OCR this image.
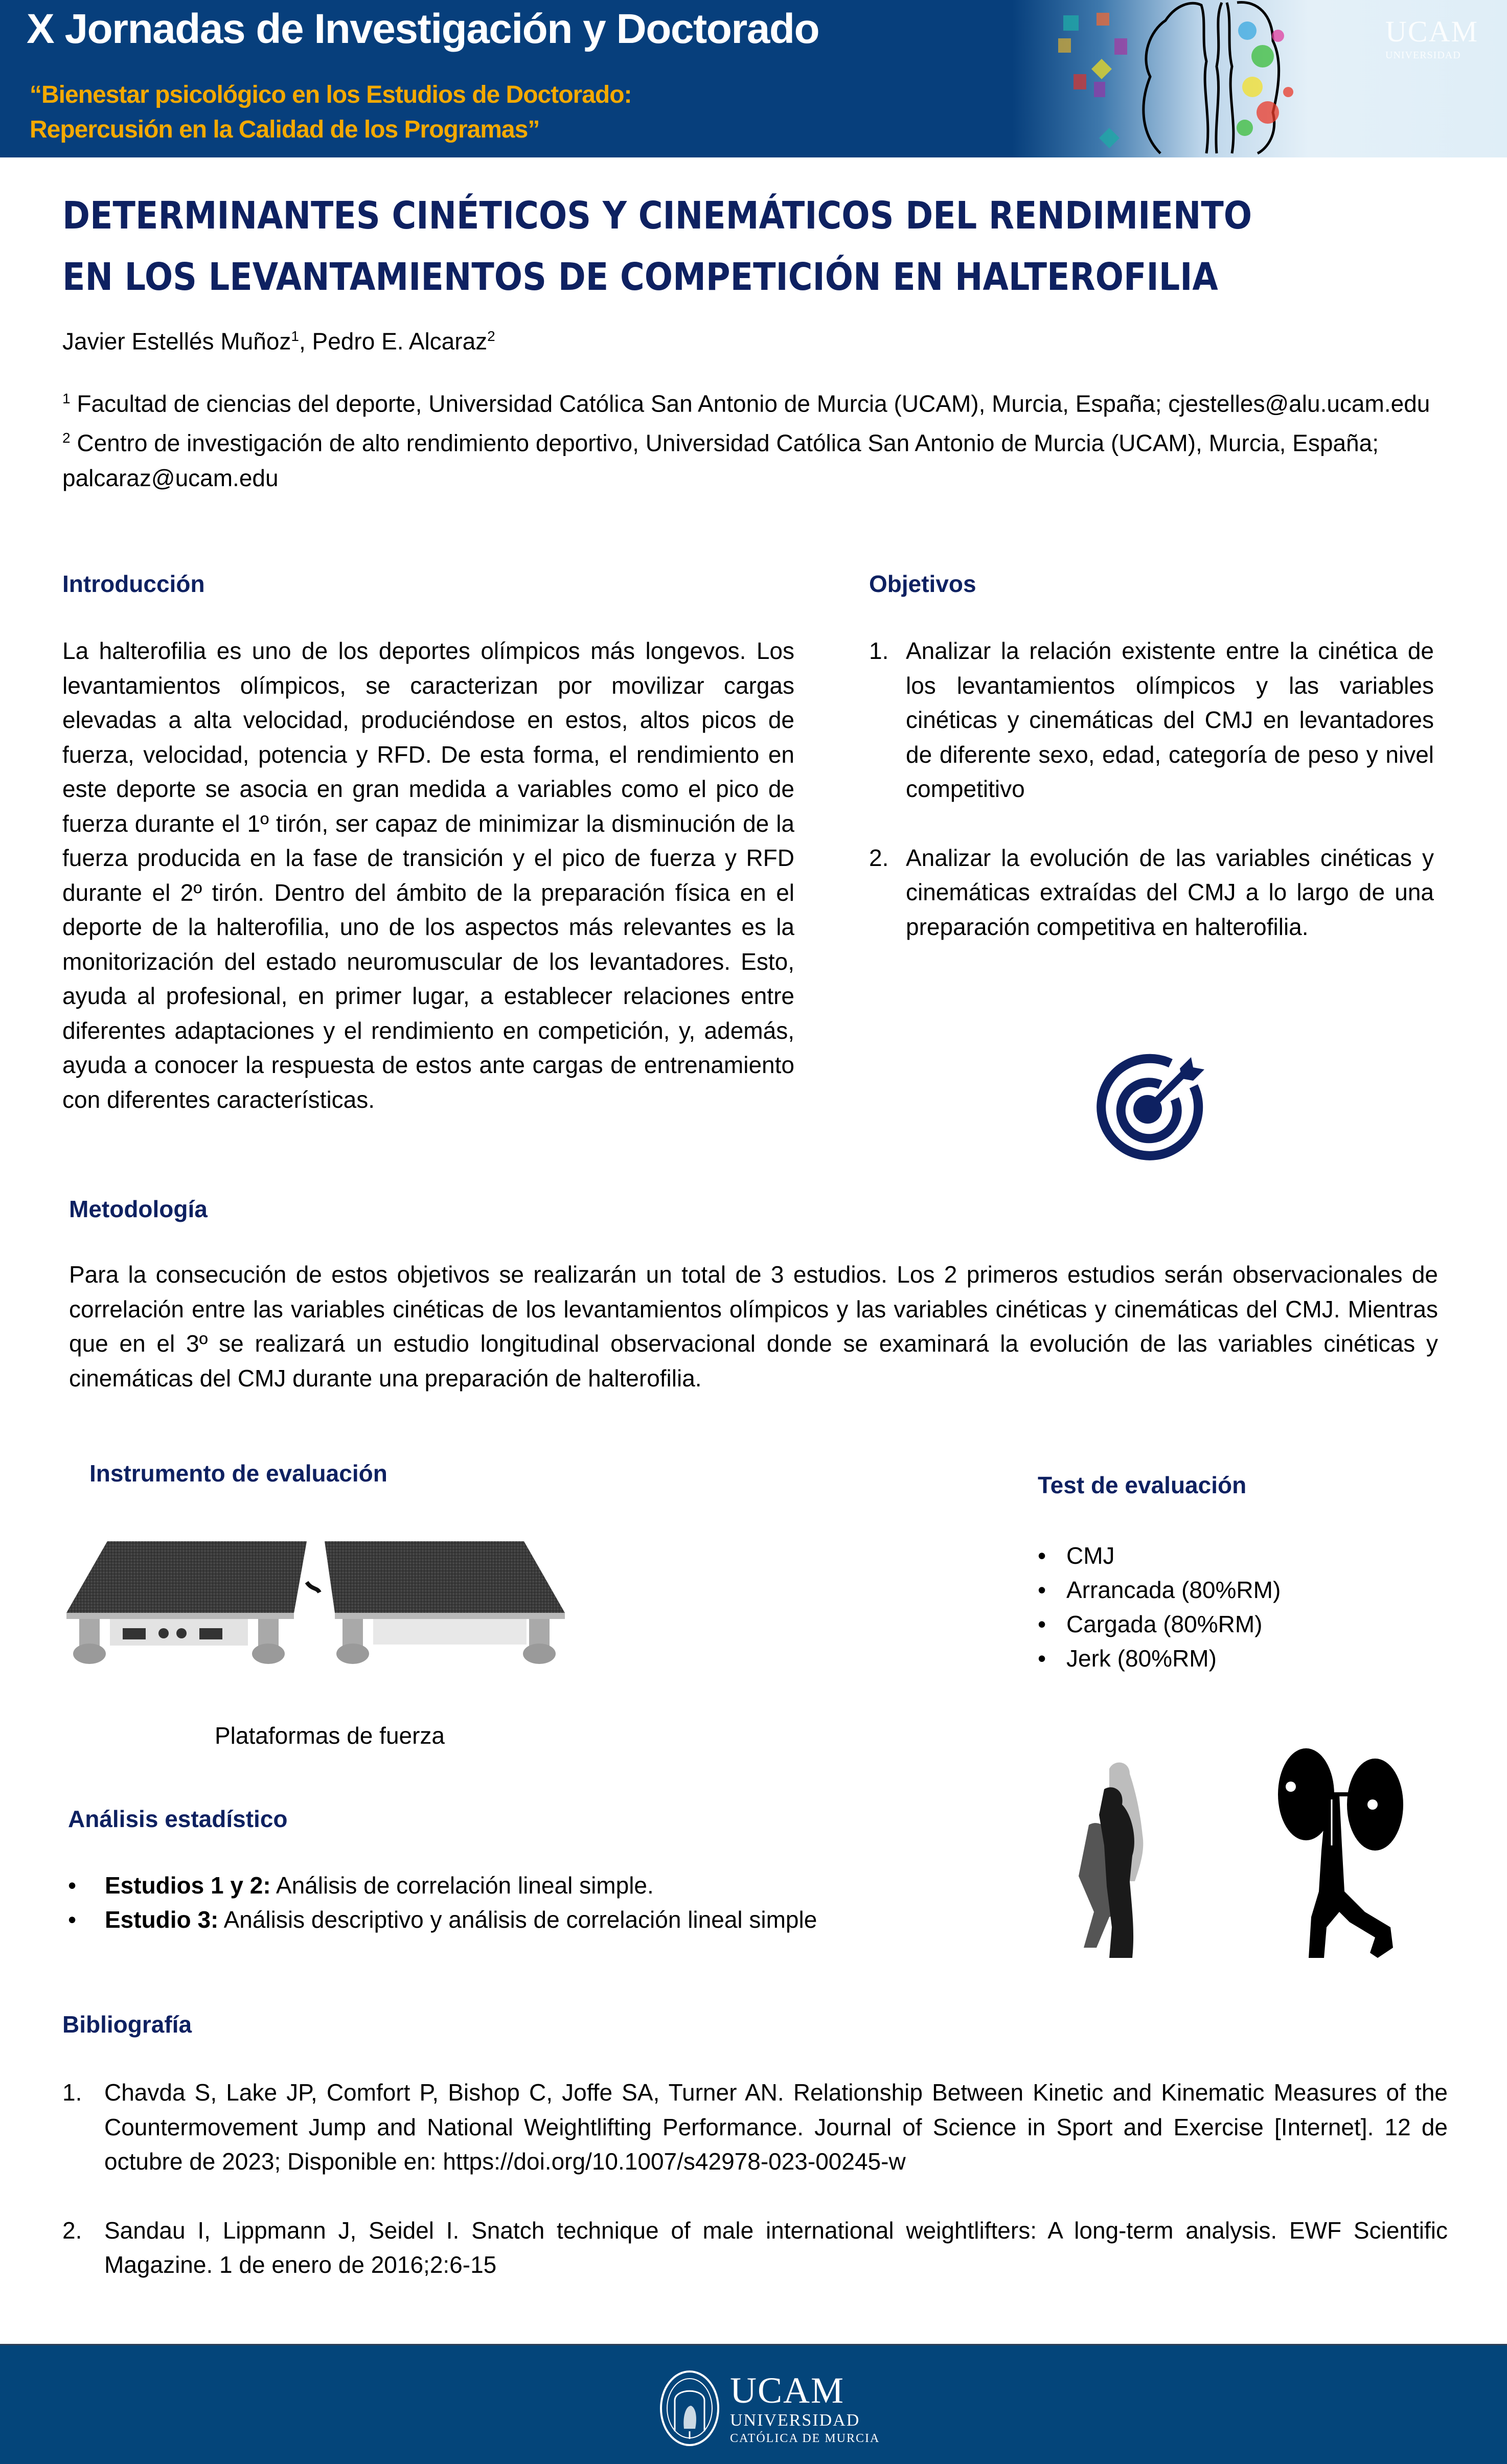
X Jornadas de Investigación y Doctorado
“Bienestar psicológico en los Estudios de Doctorado:
Repercusión en la Calidad de los Programas”
UCAM
UNIVERSIDAD
DETERMINANTES CINÉTICOS Y CINEMÁTICOS DEL RENDIMIENTO
EN LOS LEVANTAMIENTOS DE COMPETICIÓN EN HALTEROFILIA
Javier Estellés Muñoz$^1$, Pedro E. Alcaraz$^2$
$^1$ Facultad de ciencias del deporte, Universidad Católica San Antonio de Murcia (UCAM), Murcia, España; cjestelles@alu.ucam.edu
$^2$ Centro de investigación de alto rendimiento deportivo, Universidad Católica San Antonio de Murcia (UCAM), Murcia, España; palcaraz@ucam.edu
Introducción

La halterofilia es uno de los deportes olímpicos más longevos. Los levantamientos olímpicos, se caracterizan por movilizar cargas elevadas a alta velocidad, produciéndose en estos, altos picos de fuerza, velocidad, potencia y RFD. De esta forma, el rendimiento en este deporte se asocia en gran medida a variables como el pico de fuerza durante el 1º tirón, ser capaz de minimizar la disminución de la fuerza producida en la fase de transición y el pico de fuerza y RFD durante el 2º tirón. Dentro del ámbito de la preparación física en el deporte de la halterofilia, uno de los aspectos más relevantes es la monitorización del estado neuromuscular de los levantadores. Esto, ayuda al profesional, en primer lugar, a establecer relaciones entre diferentes adaptaciones y el rendimiento en competición, y, además, ayuda a conocer la respuesta de estos ante cargas de entrenamiento con diferentes características.

Objetivos
1. Analizar la relación existente entre la cinética de los levantamientos olímpicos y las variables cinéticas y cinemáticas del CMJ en levantadores de diferente sexo, edad, categoría de peso y nivel competitivo
2. Analizar la evolución de las variables cinéticas y cinemáticas extraídas del CMJ a lo largo de una preparación competitiva en halterofilia.
Metodología

Para la consecución de estos objetivos se realizarán un total de 3 estudios. Los 2 primeros estudios serán observacionales de correlación entre las variables cinéticas de los levantamientos olímpicos y las variables cinéticas y cinemáticas del CMJ. Mientras que en el 3º se realizará un estudio longitudinal observacional donde se examinará la evolución de las variables cinéticas y cinemáticas del CMJ durante una preparación de halterofilia.

Instrumento de evaluación
Plataformas de fuerza
Test de evaluación
• CMJ
• Arrancada (80%RM)
• Cargada (80%RM)
• Jerk (80%RM)
Análisis estadístico
• Estudios 1 y 2: Análisis de correlación lineal simple.
• Estudio 3: Análisis descriptivo y análisis de correlación lineal simple
Bibliografía
1. Chavda S, Lake JP, Comfort P, Bishop C, Joffe SA, Turner AN. Relationship Between Kinetic and Kinematic Measures of the Countermovement Jump and National Weightlifting Performance. Journal of Science in Sport and Exercise [Internet]. 12 de octubre de 2023; Disponible en: https://doi.org/10.1007/s42978-023-00245-w
2. Sandau I, Lippmann J, Seidel I. Snatch technique of male international weightlifters: A long-term analysis. EWF Scientific Magazine. 1 de enero de 2016;2:6-15
UCAM
UNIVERSIDAD
CATÓLICA DE MURCIA
